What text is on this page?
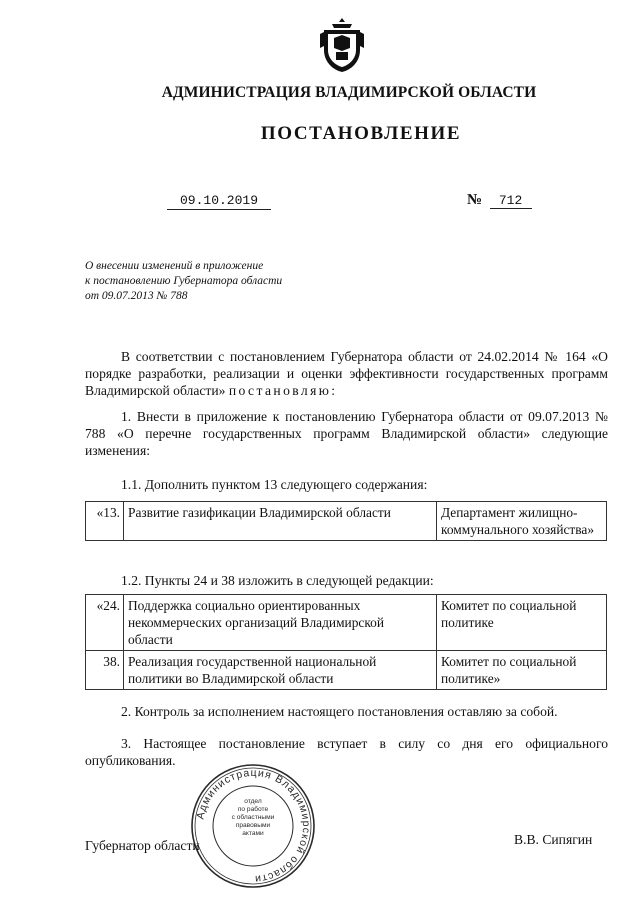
АДМИНИСТРАЦИЯ ВЛАДИМИРСКОЙ ОБЛАСТИ
ПОСТАНОВЛЕНИЕ
09.10.2019	№ 712
О внесении изменений в приложение
к постановлению Губернатора области
от 09.07.2013 № 788
В соответствии с постановлением Губернатора области от 24.02.2014 № 164 «О порядке разработки, реализации и оценки эффективности государственных программ Владимирской области» постановляю:
1. Внести в приложение к постановлению Губернатора области от 09.07.2013 № 788 «О перечне государственных программ Владимирской области» следующие изменения:
1.1. Дополнить пунктом 13 следующего содержания:
«13.	Развитие газификации Владимирской области	Департамент жилищно-коммунального хозяйства»
1.2. Пункты 24 и 38 изложить в следующей редакции:
«24.	Поддержка социально ориентированных некоммерческих организаций Владимирской области	Комитет по социальной политике
38.	Реализация государственной национальной политики во Владимирской области	Комитет по социальной политике»
2. Контроль за исполнением настоящего постановления оставляю за собой.
3. Настоящее постановление вступает в силу со дня его официального опубликования.
Администрация Владимирской области
отдел
по работе
с областными
правовыми
актами
Губернатор области	В.В. Сипягин
